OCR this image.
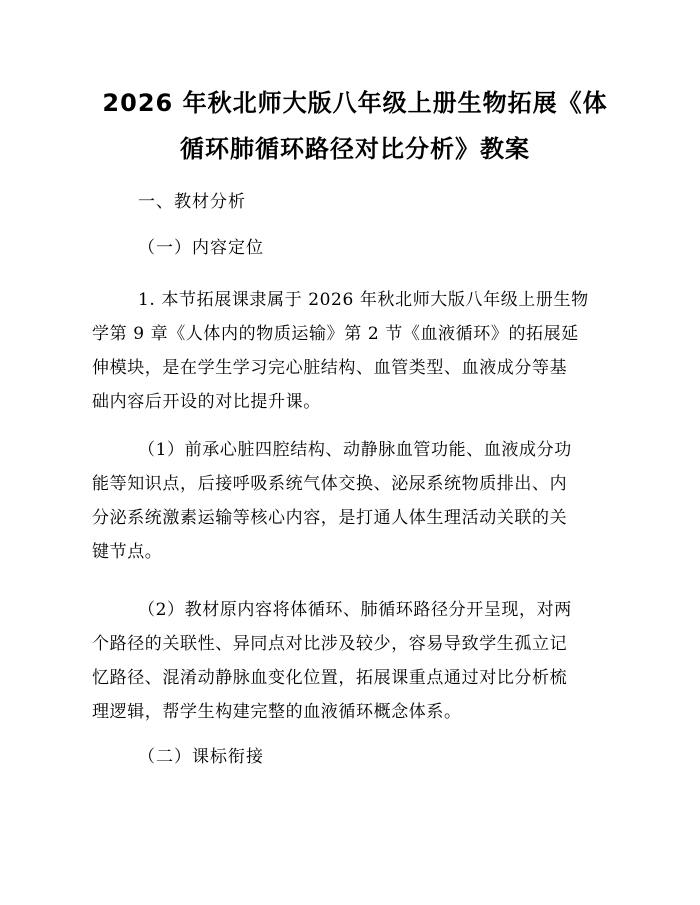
2026 年秋北师大版八年级上册生物拓展《体
循环肺循环路径对比分析》教案
一、教材分析
（一）内容定位
1. 本节拓展课隶属于 2026 年秋北师大版八年级上册生物
学第 9 章《人体内的物质运输》第 2 节《血液循环》的拓展延
伸模块，是在学生学习完心脏结构、血管类型、血液成分等基
础内容后开设的对比提升课。
（1）前承心脏四腔结构、动静脉血管功能、血液成分功
能等知识点，后接呼吸系统气体交换、泌尿系统物质排出、内
分泌系统激素运输等核心内容，是打通人体生理活动关联的关
键节点。
（2）教材原内容将体循环、肺循环路径分开呈现，对两
个路径的关联性、异同点对比涉及较少，容易导致学生孤立记
忆路径、混淆动静脉血变化位置，拓展课重点通过对比分析梳
理逻辑，帮学生构建完整的血液循环概念体系。
（二）课标衔接
